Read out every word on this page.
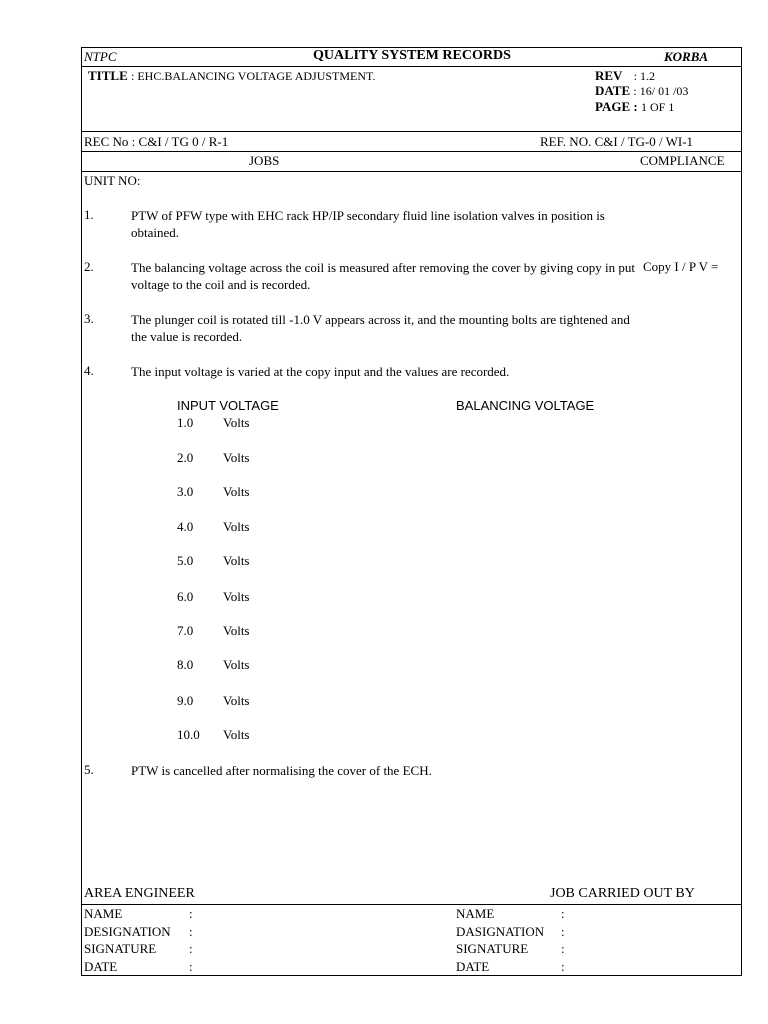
NTPC	QUALITY SYSTEM RECORDS	KORBA
TITLE : EHC.BALANCING VOLTAGE ADJUSTMENT.	REV : 1.2
DATE : 16/ 01 /03
PAGE : 1 OF 1
REC No : C&I / TG 0 / R-1	REF. NO. C&I / TG-0 / WI-1
JOBS	COMPLIANCE
UNIT NO:
1.	PTW of PFW type with EHC rack HP/IP secondary fluid line isolation valves in position is obtained.
2.	The balancing voltage across the coil is measured after removing the cover by giving copy in put voltage to the coil and is recorded.
Copy I / P V =
3.	The plunger coil is rotated till -1.0 V appears across it, and the mounting bolts are tightened and the value is recorded.
4.	The input voltage is varied at the copy input and the values are recorded.
INPUT VOLTAGE	BALANCING VOLTAGE
1.0 Volts
2.0 Volts
3.0 Volts
4.0 Volts
5.0 Volts
6.0 Volts
7.0 Volts
8.0 Volts
9.0 Volts
10.0 Volts
5.	PTW is cancelled after normalising the cover of the ECH.
AREA ENGINEER	JOB CARRIED OUT BY
NAME	:
DESIGNATION :
SIGNATURE	:
DATE	:
NAME	:
DASIGNATION :
SIGNATURE	:
DATE	:
